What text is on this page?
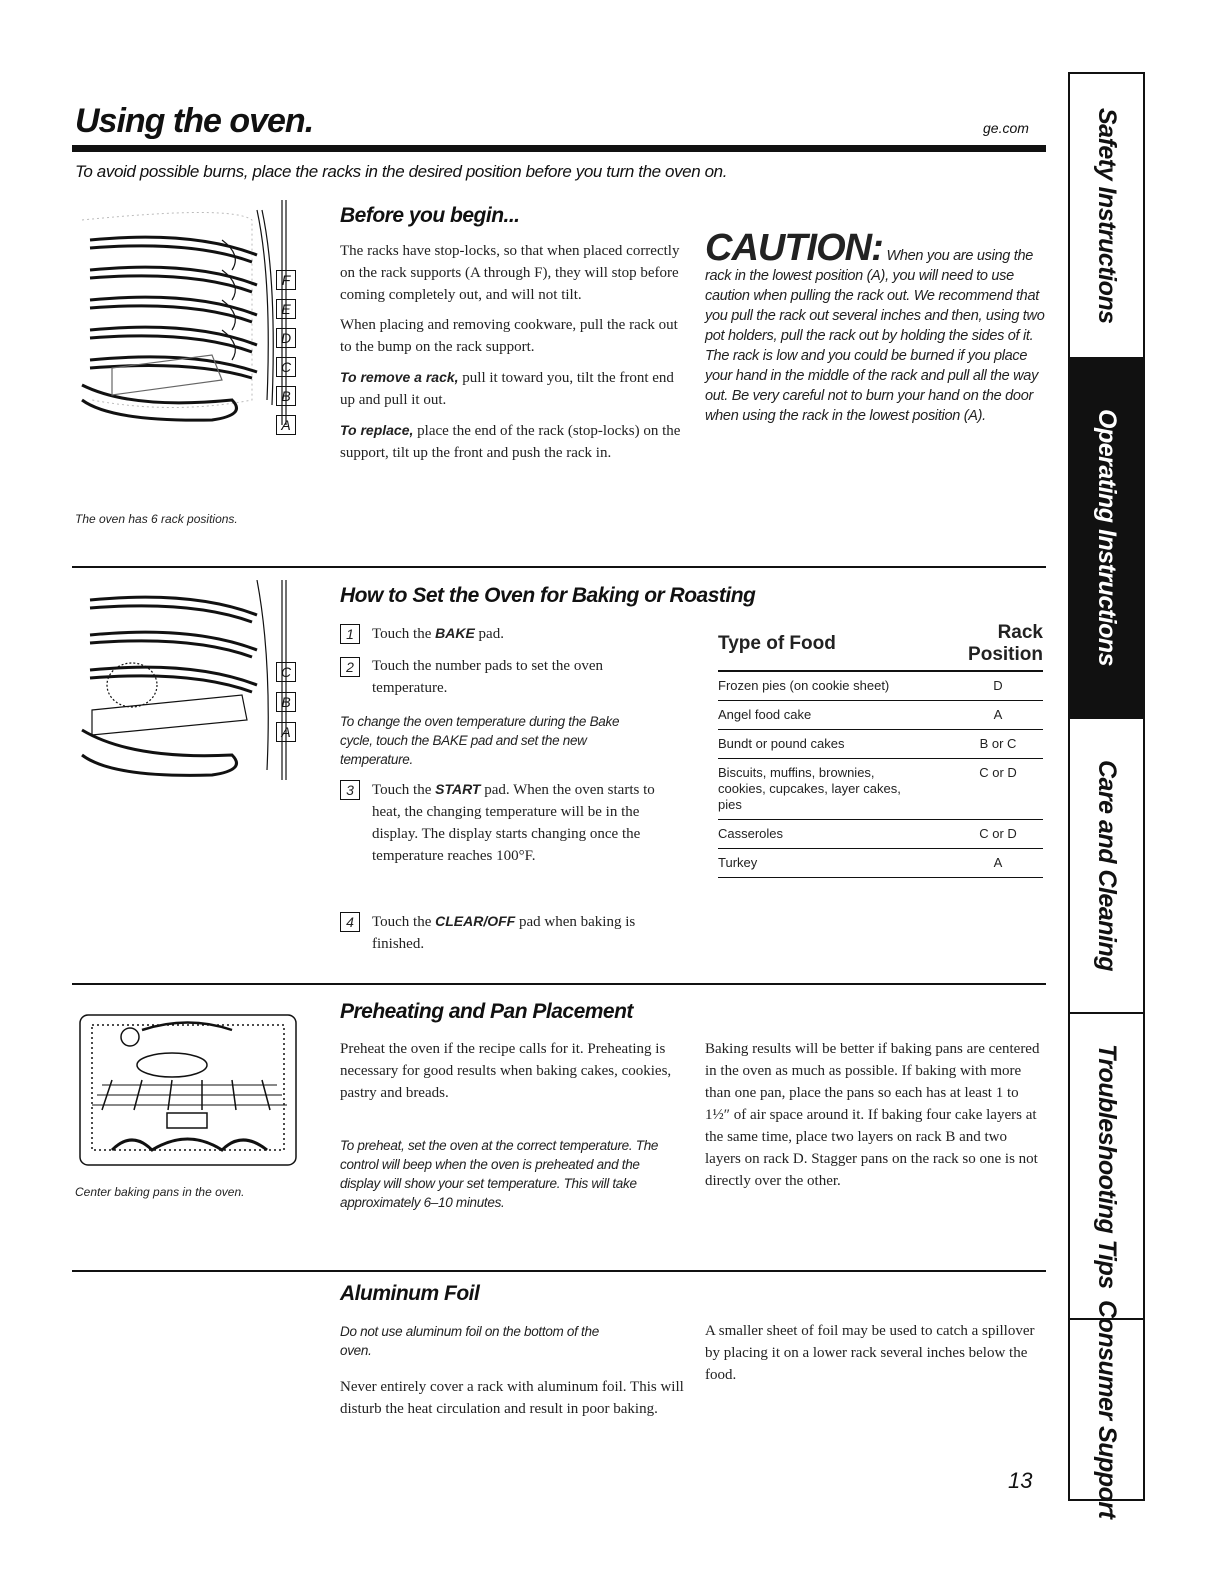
Using the oven.	ge.com
To avoid possible burns, place the racks in the desired position before you turn the oven on.
F
E
D
C
B
A
The oven has 6 rack positions.
Before you begin...

The racks have stop-locks, so that when placed correctly on the rack supports (A through F), they will stop before coming completely out, and will not tilt.

When placing and removing cookware, pull the rack out to the bump on the rack support.

To remove a rack, pull it toward you, tilt the front end up and pull it out.

To replace, place the end of the rack (stop-locks) on the support, tilt up the front and push the rack in.

CAUTION: When you are using the rack in the lowest position (A), you will need to use caution when pulling the rack out. We recommend that you pull the rack out several inches and then, using two pot holders, pull the rack out by holding the sides of it. The rack is low and you could be burned if you place your hand in the middle of the rack and pull all the way out. Be very careful not to burn your hand on the door when using the rack in the lowest position (A).
C
B
A
How to Set the Oven for Baking or Roasting
1	Touch the BAKE pad.
2	Touch the number pads to set the oven temperature.
To change the oven temperature during the Bake cycle, touch the BAKE pad and set the new temperature.
3	Touch the START pad. When the oven starts to heat, the changing temperature will be in the display. The display starts changing once the temperature reaches 100°F.
4	Touch the CLEAR/OFF pad when baking is finished.
Type of Food	Rack Position
Frozen pies (on cookie sheet)	D
Angel food cake	A
Bundt or pound cakes	B or C
Biscuits, muffins, brownies, cookies, cupcakes, layer cakes, pies	C or D
Casseroles	C or D
Turkey	A
Center baking pans in the oven.
Preheating and Pan Placement
Preheat the oven if the recipe calls for it. Preheating is necessary for good results when baking cakes, cookies, pastry and breads.
To preheat, set the oven at the correct temperature. The control will beep when the oven is preheated and the display will show your set temperature. This will take approximately 6–10 minutes.
Baking results will be better if baking pans are centered in the oven as much as possible. If baking with more than one pan, place the pans so each has at least 1 to 1½″ of air space around it. If baking four cake layers at the same time, place two layers on rack B and two layers on rack D. Stagger pans on the rack so one is not directly over the other.
Aluminum Foil
Do not use aluminum foil on the bottom of the oven.
Never entirely cover a rack with aluminum foil. This will disturb the heat circulation and result in poor baking.
A smaller sheet of foil may be used to catch a spillover by placing it on a lower rack several inches below the food.
13
Safety Instructions
Operating Instructions
Care and Cleaning
Troubleshooting Tips
Consumer Support
